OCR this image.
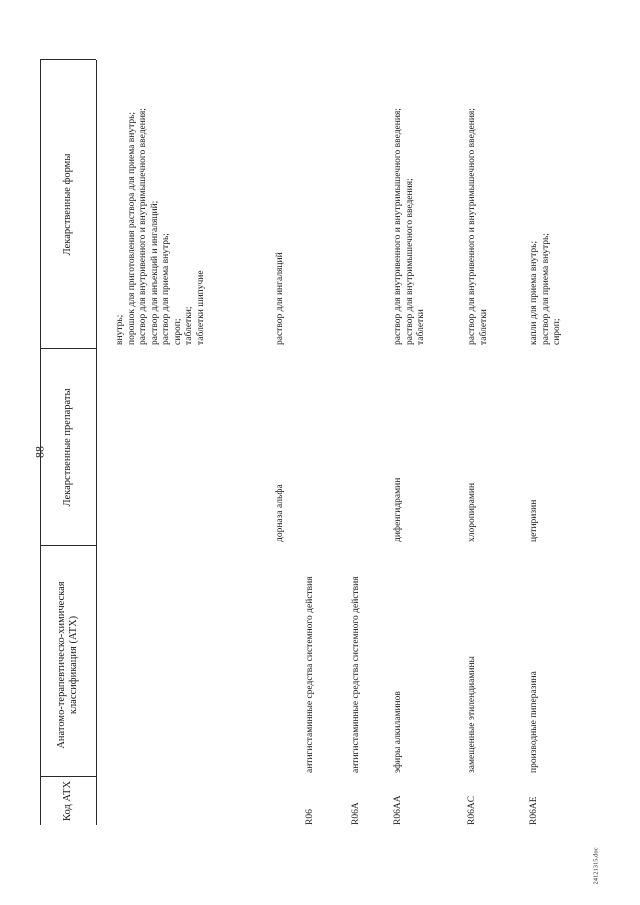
88
24121315.doc
Код АТХ
Анатомо-терапевтическо-химическая классификация (АТХ)
Лекарственные препараты
Лекарственные формы
внутрь; порошок для приготовления раствора для приема внутрь; раствор для внутривенного и внутримышечного введения; раствор для инъекций и ингаляций; раствор для приема внутрь; сироп; таблетки; таблетки шипучие
дорназа альфа
раствор для ингаляций
R06
антигистаминные средства системного действия
R06A
антигистаминные средства системного действия
R06AA
эфиры алкиламинов
дифенгидрамин
раствор для внутривенного и внутримышечного введения; раствор для внутримышечного введения; таблетки
R06AC
замещенные этилендиамины
хлоропирамин
раствор для внутривенного и внутримышечного введения; таблетки
R06AE
производные пиперазина
цетиризин
капли для приема внутрь; раствор для приема внутрь; сироп;
